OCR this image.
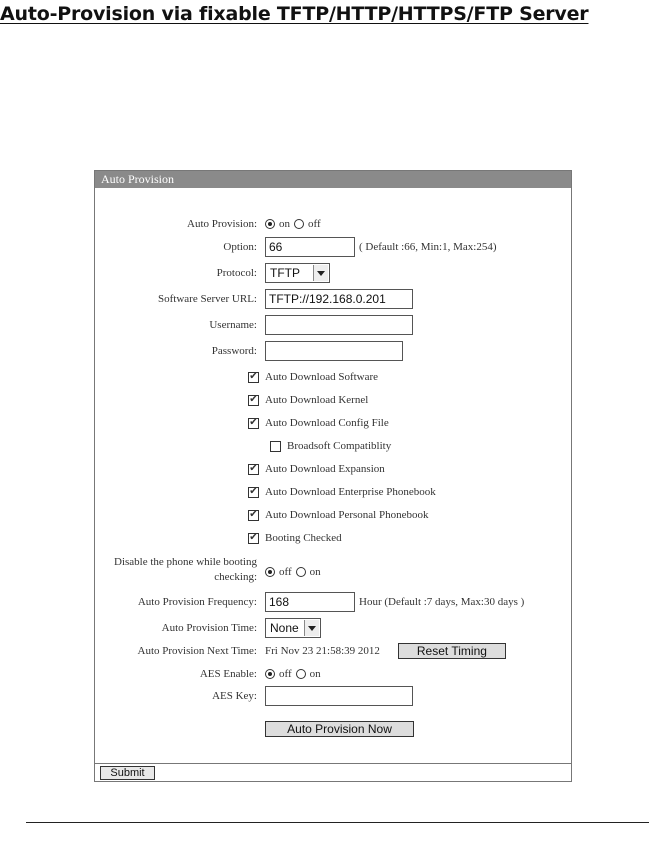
Auto-Provision via fixable TFTP/HTTP/HTTPS/FTP Server
Auto Provision
Auto Provision: on off
Option:	66	( Default :66, Min:1, Max:254)
Protocol:	TFTP
Software Server URL:	TFTP://192.168.0.201
Username:
Password:
✔ Auto Download Software
✔ Auto Download Kernel
✔ Auto Download Config File
Broadsoft Compatiblity
✔ Auto Download Expansion
✔ Auto Download Enterprise Phonebook
✔ Auto Download Personal Phonebook
✔ Booting Checked
Disable the phone while booting
checking: off on
Auto Provision Frequency:	168	Hour (Default :7 days, Max:30 days )
Auto Provision Time:	None
Auto Provision Next Time: Fri Nov 23 21:58:39 2012	Reset Timing
AES Enable: off on
AES Key:
Auto Provision Now
Submit
